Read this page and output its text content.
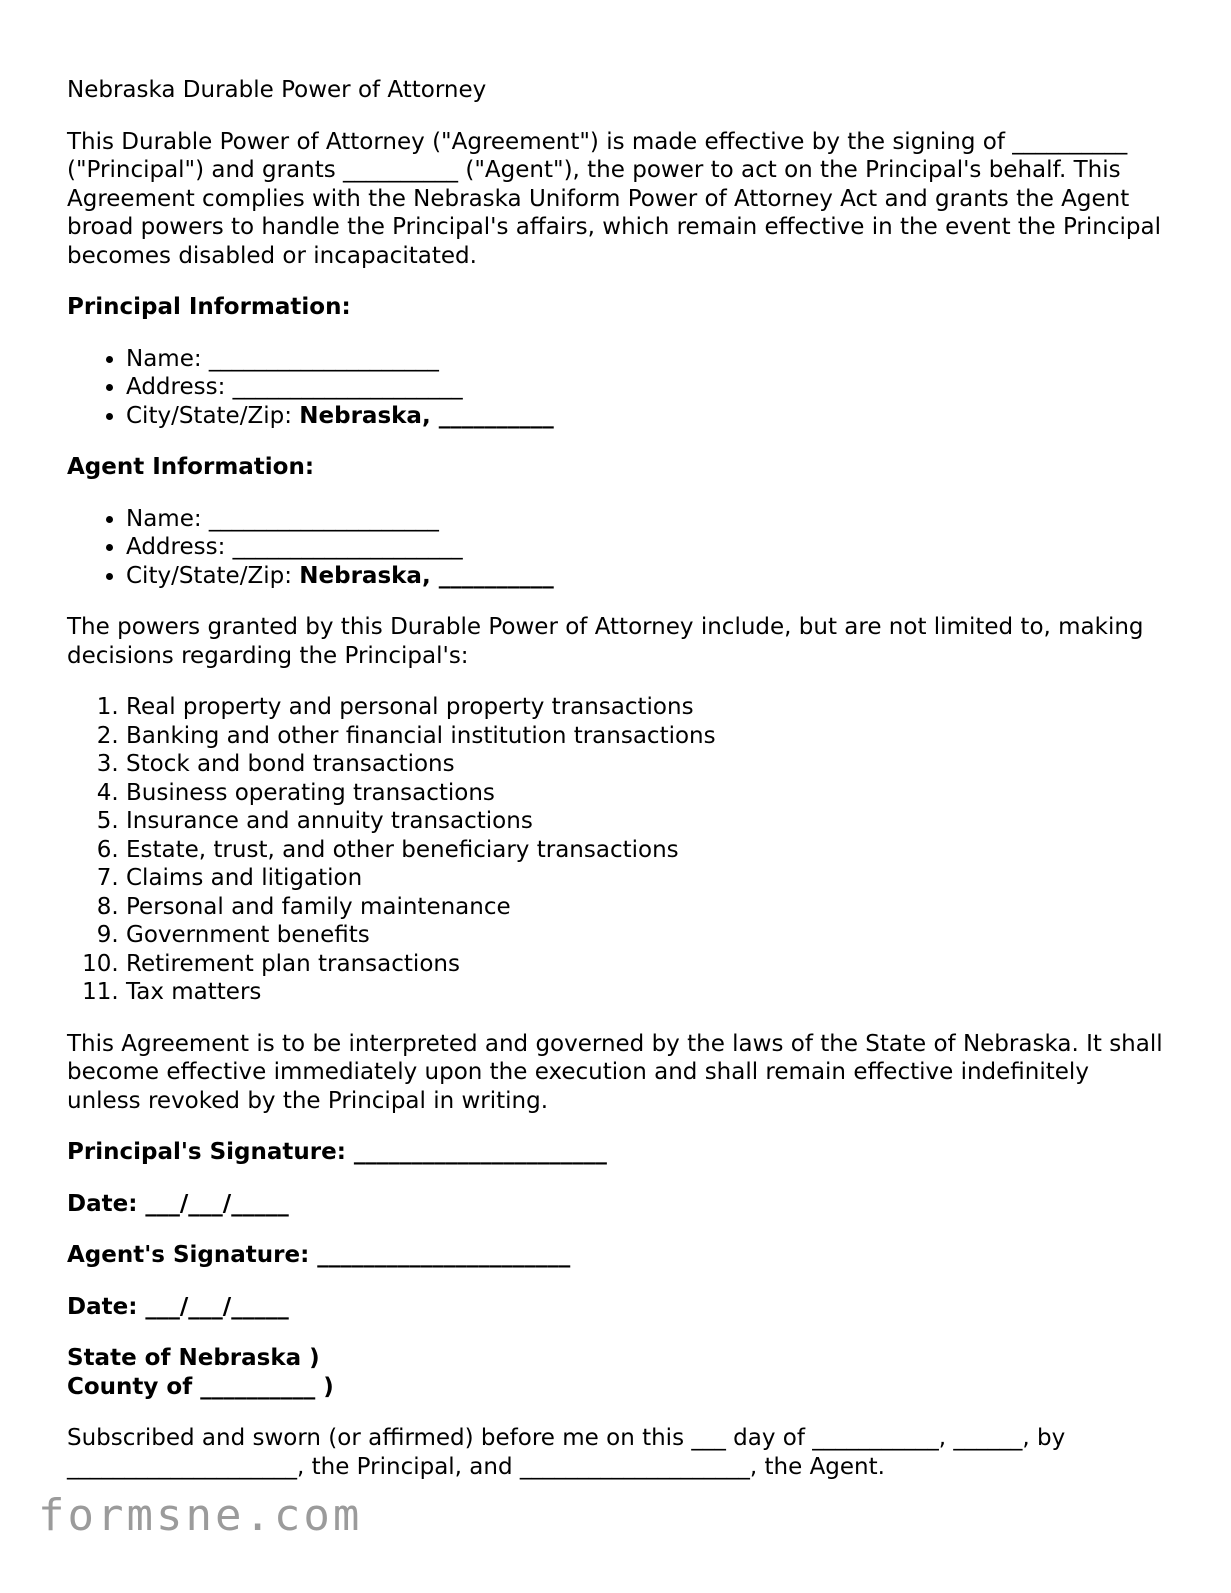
Nebraska Durable Power of Attorney

This Durable Power of Attorney ("Agreement") is made effective by the signing of __________ ("Principal") and grants __________ ("Agent"), the power to act on the Principal's behalf. This Agreement complies with the Nebraska Uniform Power of Attorney Act and grants the Agent broad powers to handle the Principal's affairs, which remain effective in the event the Principal becomes disabled or incapacitated.

Principal Information:

• Name: ____________________
• Address: ____________________
• City/State/Zip: Nebraska, __________

Agent Information:

• Name: ____________________
• Address: ____________________
• City/State/Zip: Nebraska, __________

The powers granted by this Durable Power of Attorney include, but are not limited to, making decisions regarding the Principal's:

1. Real property and personal property transactions
2. Banking and other financial institution transactions
3. Stock and bond transactions
4. Business operating transactions
5. Insurance and annuity transactions
6. Estate, trust, and other beneficiary transactions
7. Claims and litigation
8. Personal and family maintenance
9. Government benefits
10. Retirement plan transactions
11. Tax matters

This Agreement is to be interpreted and governed by the laws of the State of Nebraska. It shall become effective immediately upon the execution and shall remain effective indefinitely unless revoked by the Principal in writing.

Principal's Signature: ______________________

Date: ___/___/_____

Agent's Signature: ______________________

Date: ___/___/_____

State of Nebraska )
County of __________ )

Subscribed and sworn (or affirmed) before me on this ___ day of ___________, ______, by ____________________, the Principal, and ____________________, the Agent.

formsne.com
